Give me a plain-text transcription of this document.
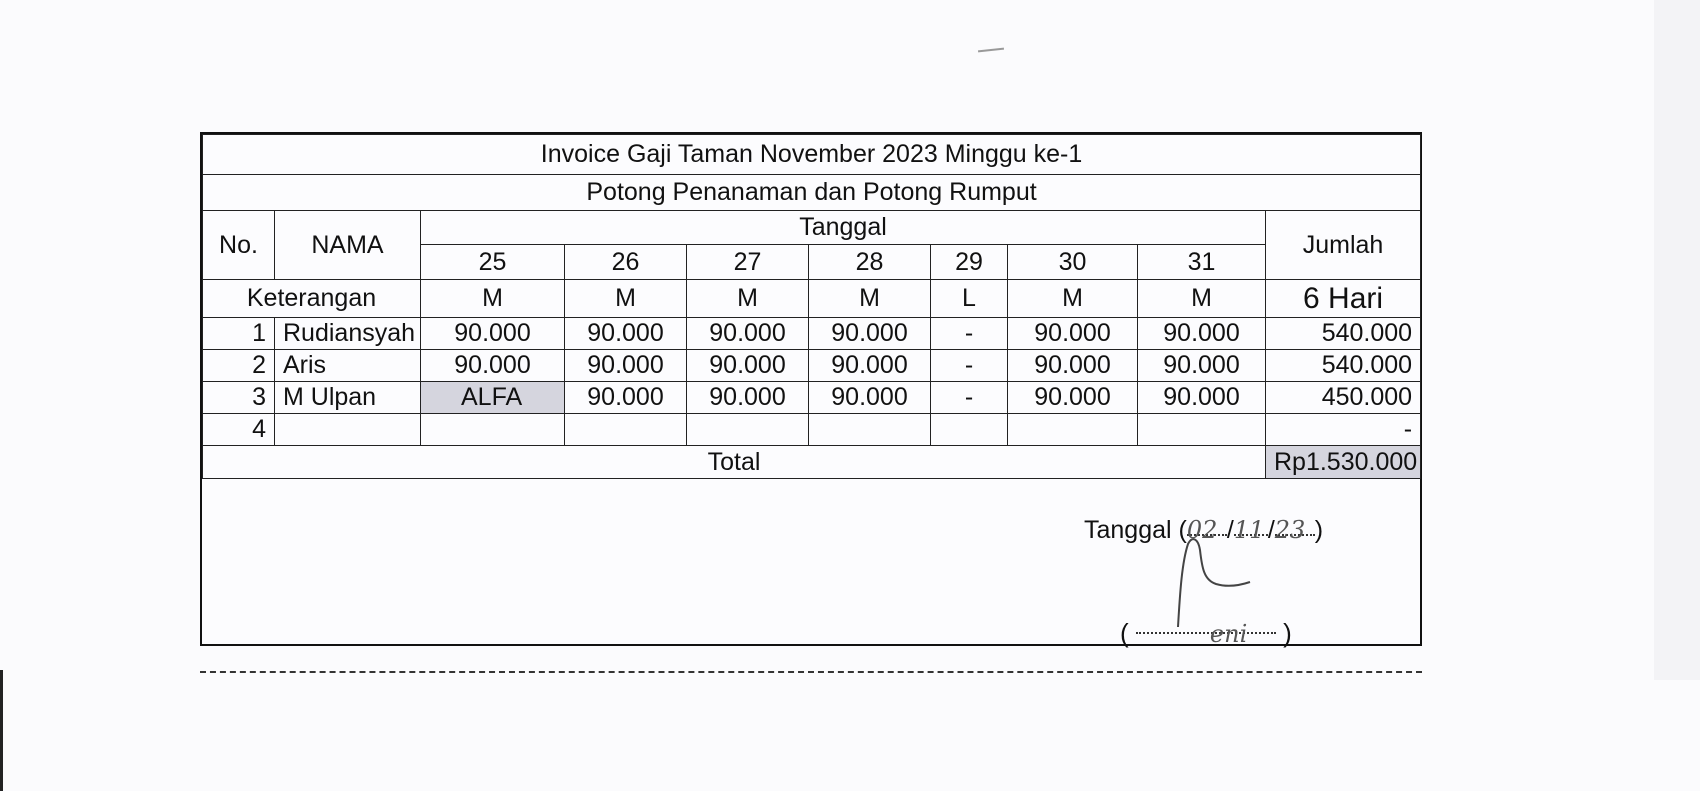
Invoice Gaji Taman November 2023 Minggu ke-1									
Potong Penanaman dan Potong Rumput									
No.	NAMA	Tanggal							Jumlah
		25	26	27	28	29	30	31	
Keterangan		M	M	M	M	L	M	M	6 Hari
1	Rudiansyah	90.000	90.000	90.000	90.000	-	90.000	90.000	540.000
2	Aris	90.000	90.000	90.000	90.000	-	90.000	90.000	540.000
3	M Ulpan	ALFA	90.000	90.000	90.000	-	90.000	90.000	450.000
4									-
Total									Rp1.530.000
Tanggal (02 /11 /23 )
(	eni )
